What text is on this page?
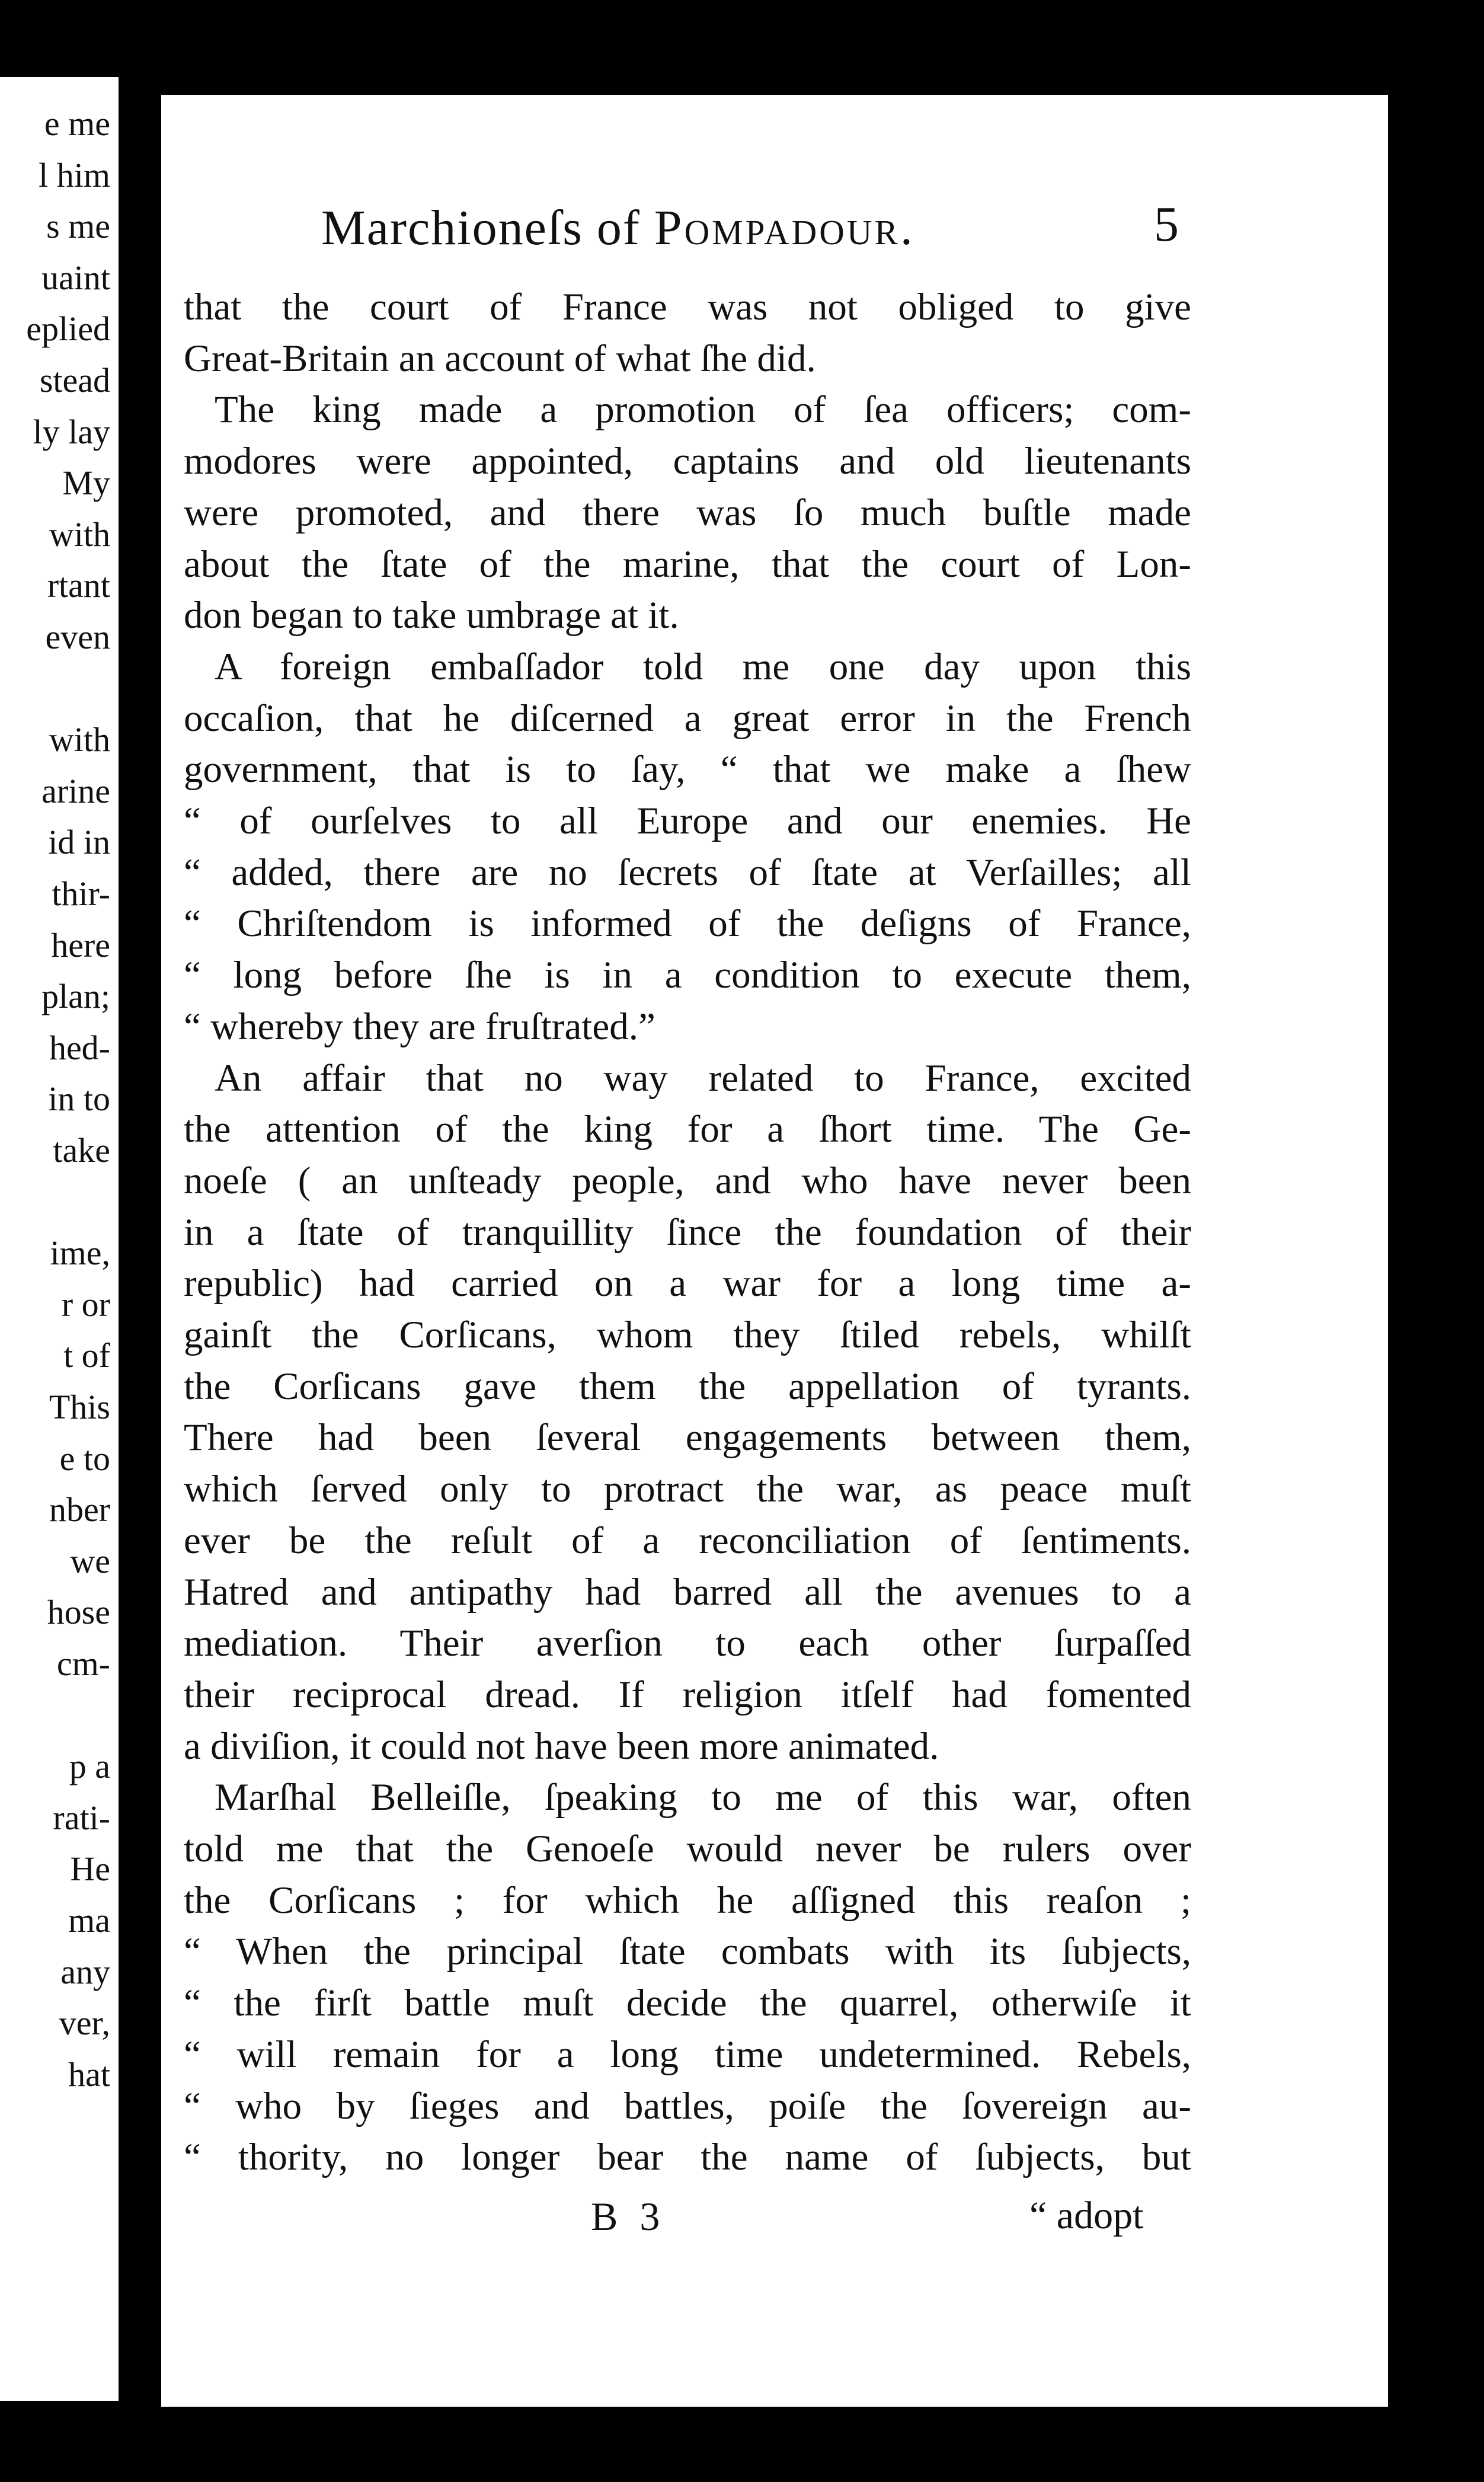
e me
l him
s me
uaint
eplied
stead
ly lay
My
with
rtant
even
with
arine
id in
thir-
here
plan;
hed-
in to
take
ime,
r or
t of
This
e to
nber
we
hose
cm-
p a
rati-
He
ma
any
ver,
hat
Marchioneſs of Pompadour.	5
that the court of France was not obliged to give
Great-Britain an account of what ſhe did.
The king made a promotion of ſea officers; com-
modores were appointed, captains and old lieutenants
were promoted, and there was ſo much buſtle made
about the ſtate of the marine, that the court of Lon-
don began to take umbrage at it.
A foreign embaſſador told me one day upon this
occaſion, that he diſcerned a great error in the French
government, that is to ſay, “ that we make a ſhew
“ of ourſelves to all Europe and our enemies. He
“ added, there are no ſecrets of ſtate at Verſailles; all
“ Chriſtendom is informed of the deſigns of France,
“ long before ſhe is in a condition to execute them,
“ whereby they are fruſtrated.”
An affair that no way related to France, excited
the attention of the king for a ſhort time. The Ge-
noeſe ( an unſteady people, and who have never been
in a ſtate of tranquillity ſince the foundation of their
republic) had carried on a war for a long time a-
gainſt the Corſicans, whom they ſtiled rebels, whilſt
the Corſicans gave them the appellation of tyrants.
There had been ſeveral engagements between them,
which ſerved only to protract the war, as peace muſt
ever be the reſult of a reconciliation of ſentiments.
Hatred and antipathy had barred all the avenues to a
mediation. Their averſion to each other ſurpaſſed
their reciprocal dread. If religion itſelf had fomented
a diviſion, it could not have been more animated.
Marſhal Belleiſle, ſpeaking to me of this war, often
told me that the Genoeſe would never be rulers over
the Corſicans ; for which he aſſigned this reaſon ;
“ When the principal ſtate combats with its ſubjects,
“ the firſt battle muſt decide the quarrel, otherwiſe it
“ will remain for a long time undetermined. Rebels,
“ who by ſieges and battles, poiſe the ſovereign au-
“ thority, no longer bear the name of ſubjects, but
B 3	“ adopt
